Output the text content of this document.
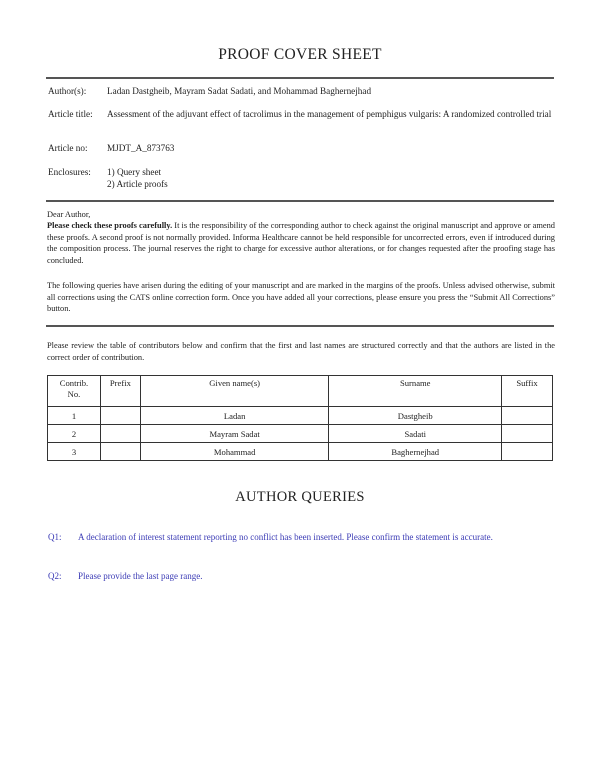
PROOF COVER SHEET
Author(s):	Ladan Dastgheib, Mayram Sadat Sadati, and Mohammad Baghernejhad
Article title:	Assessment of the adjuvant effect of tacrolimus in the management of pemphigus vulgaris: A randomized controlled trial
Article no:	MJDT_A_873763
Enclosures:	1) Query sheet
2) Article proofs
Dear Author,
Please check these proofs carefully. It is the responsibility of the corresponding author to check against the original manuscript and approve or amend these proofs. A second proof is not normally provided. Informa Healthcare cannot be held responsible for uncorrected errors, even if introduced during the composition process. The journal reserves the right to charge for excessive author alterations, or for changes requested after the proofing stage has concluded.
The following queries have arisen during the editing of your manuscript and are marked in the margins of the proofs. Unless advised otherwise, submit all corrections using the CATS online correction form. Once you have added all your corrections, please ensure you press the “Submit All Corrections” button.
Please review the table of contributors below and confirm that the first and last names are structured correctly and that the authors are listed in the correct order of contribution.
Contrib.
No.	Prefix	Given name(s)	Surname	Suffix
1		Ladan	Dastgheib	
2		Mayram Sadat	Sadati	
3		Mohammad	Baghernejhad	
AUTHOR QUERIES
Q1: A declaration of interest statement reporting no conflict has been inserted. Please confirm the statement is accurate.
Q2: Please provide the last page range.
